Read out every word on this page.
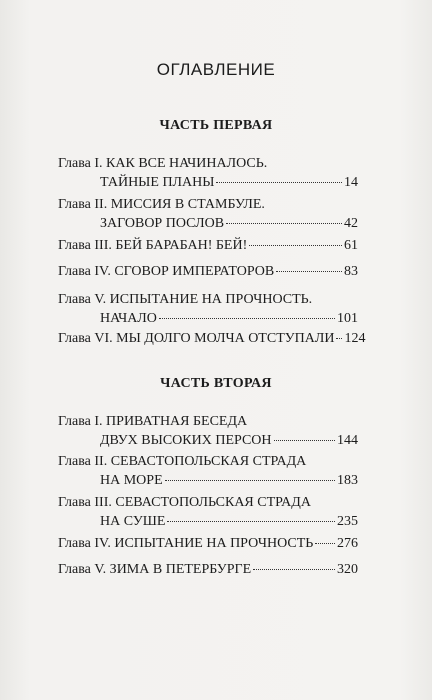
ОГЛАВЛЕНИЕ
ЧАСТЬ ПЕРВАЯ
Глава I. КАК ВСЕ НАЧИНАЛОСЬ.
ТАЙНЫЕ ПЛАНЫ	14
Глава II. МИССИЯ В СТАМБУЛЕ.
ЗАГОВОР ПОСЛОВ	42
Глава III. БЕЙ БАРАБАН! БЕЙ!	61
Глава IV. СГОВОР ИМПЕРАТОРОВ	83
Глава V. ИСПЫТАНИЕ НА ПРОЧНОСТЬ.
НАЧАЛО	101
Глава VI. МЫ ДОЛГО МОЛЧА ОТСТУПАЛИ 124
ЧАСТЬ ВТОРАЯ
Глава I. ПРИВАТНАЯ БЕСЕДА
ДВУХ ВЫСОКИХ ПЕРСОН	144
Глава II. СЕВАСТОПОЛЬСКАЯ СТРАДА
НА МОРЕ	183
Глава III. СЕВАСТОПОЛЬСКАЯ СТРАДА
НА СУШЕ	235
Глава IV. ИСПЫТАНИЕ НА ПРОЧНОСТЬ 276
Глава V. ЗИМА В ПЕТЕРБУРГЕ	320
